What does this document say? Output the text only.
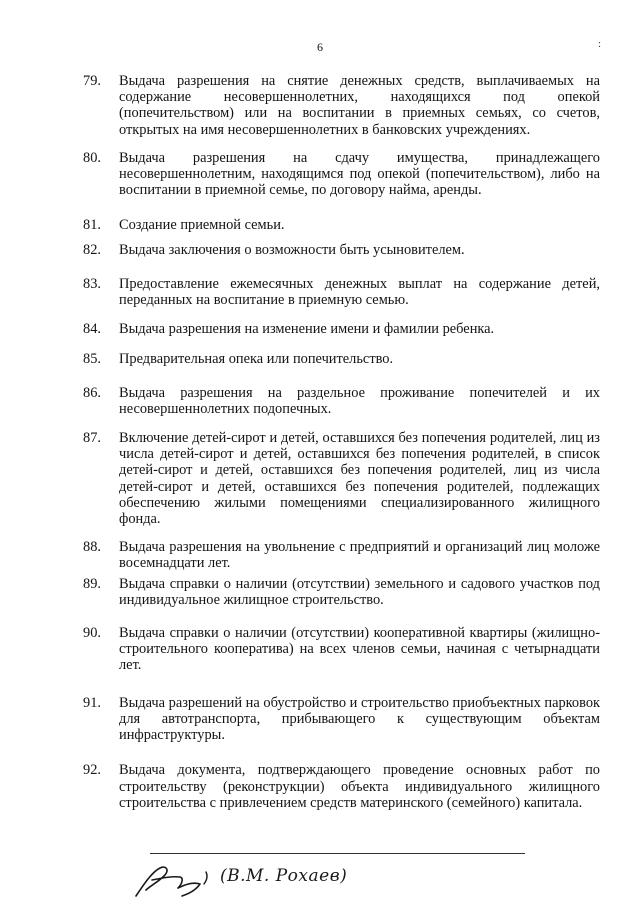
6	:
79.	Выдача разрешения на снятие денежных средств, выплачиваемых на содержание несовершеннолетних, находящихся под опекой (попечительством) или на воспитании в приемных семьях, со счетов, открытых на имя несовершеннолетних в банковских учреждениях.
80.	Выдача разрешения на сдачу имущества, принадлежащего несовершеннолетним, находящимся под опекой (попечительством), либо на воспитании в приемной семье, по договору найма, аренды.
81.	Создание приемной семьи.
82.	Выдача заключения о возможности быть усыновителем.
83.	Предоставление ежемесячных денежных выплат на содержание детей, переданных на воспитание в приемную семью.
84.	Выдача разрешения на изменение имени и фамилии ребенка.
85.	Предварительная опека или попечительство.
86.	Выдача разрешения на раздельное проживание попечителей и их несовершеннолетних подопечных.
87.	Включение детей-сирот и детей, оставшихся без попечения родителей, лиц из числа детей-сирот и детей, оставшихся без попечения родителей, в список детей-сирот и детей, оставшихся без попечения родителей, лиц из числа детей-сирот и детей, оставшихся без попечения родителей, подлежащих обеспечению жилыми помещениями специализированного жилищного фонда.
88.	Выдача разрешения на увольнение с предприятий и организаций лиц моложе восемнадцати лет.
89.	Выдача справки о наличии (отсутствии) земельного и садового участков под индивидуальное жилищное строительство.
90.	Выдача справки о наличии (отсутствии) кооперативной квартиры (жилищно-строительного кооператива) на всех членов семьи, начиная с четырнадцати лет.
91.	Выдача разрешений на обустройство и строительство приобъектных парковок для автотранспорта, прибывающего к существующим объектам инфраструктуры.
92.	Выдача документа, подтверждающего проведение основных работ по строительству (реконструкции) объекта индивидуального жилищного строительства с привлечением средств материнского (семейного) капитала.
(В.М. Рохаев)
